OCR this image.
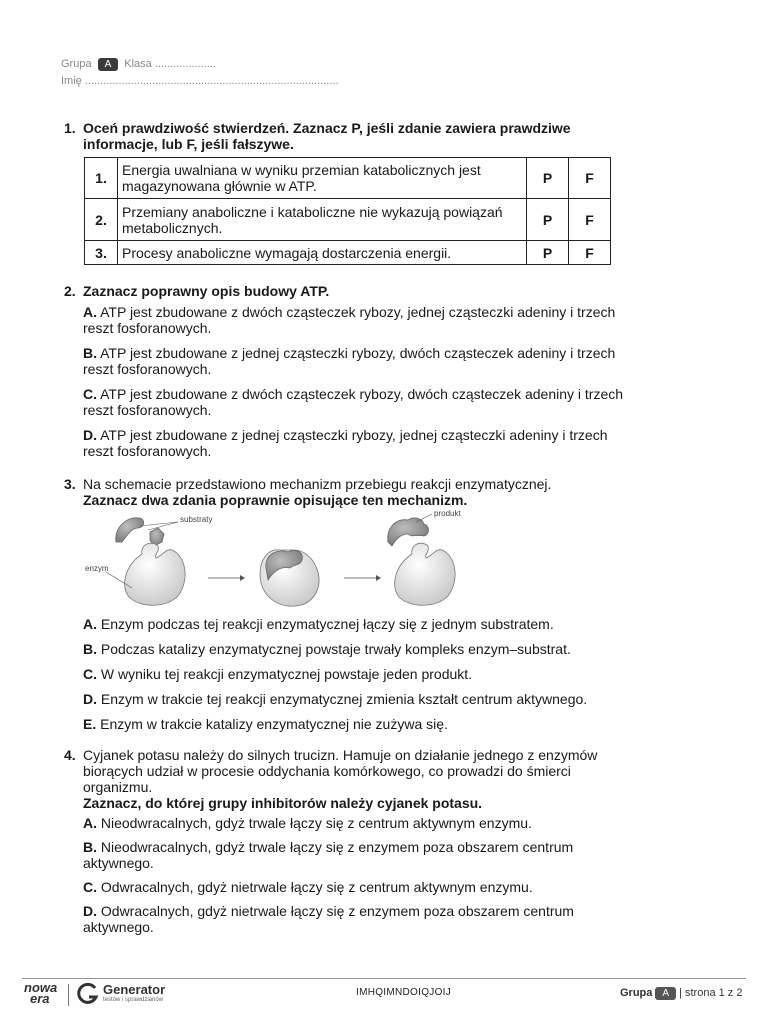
Grupa A Klasa ....................
Imię ...................................................................................
1. Oceń prawdziwość stwierdzeń. Zaznacz P, jeśli zdanie zawiera prawdziwe informacje, lub F, jeśli fałszywe.
1.	Energia uwalniana w wyniku przemian katabolicznych jest magazynowana głównie w ATP.	P	F
2.	Przemiany anaboliczne i kataboliczne nie wykazują powiązań metabolicznych.	P	F
3.	Procesy anaboliczne wymagają dostarczenia energii.	P	F
2. Zaznacz poprawny opis budowy ATP.
A. ATP jest zbudowane z dwóch cząsteczek rybozy, jednej cząsteczki adeniny i trzech reszt fosforanowych.
B. ATP jest zbudowane z jednej cząsteczki rybozy, dwóch cząsteczek adeniny i trzech reszt fosforanowych.
C. ATP jest zbudowane z dwóch cząsteczek rybozy, dwóch cząsteczek adeniny i trzech reszt fosforanowych.
D. ATP jest zbudowane z jednej cząsteczki rybozy, jednej cząsteczki adeniny i trzech reszt fosforanowych.
3. Na schemacie przedstawiono mechanizm przebiegu reakcji enzymatycznej.
Zaznacz dwa zdania poprawnie opisujące ten mechanizm.
substraty
enzym
produkt
A. Enzym podczas tej reakcji enzymatycznej łączy się z jednym substratem.
B. Podczas katalizy enzymatycznej powstaje trwały kompleks enzym–substrat.
C. W wyniku tej reakcji enzymatycznej powstaje jeden produkt.
D. Enzym w trakcie tej reakcji enzymatycznej zmienia kształt centrum aktywnego.
E. Enzym w trakcie katalizy enzymatycznej nie zużywa się.
4. Cyjanek potasu należy do silnych trucizn. Hamuje on działanie jednego z enzymów biorących udział w procesie oddychania komórkowego, co prowadzi do śmierci organizmu.
Zaznacz, do której grupy inhibitorów należy cyjanek potasu.
A. Nieodwracalnych, gdyż trwale łączy się z centrum aktywnym enzymu.
B. Nieodwracalnych, gdyż trwale łączy się z enzymem poza obszarem centrum aktywnego.
C. Odwracalnych, gdyż nietrwale łączy się z centrum aktywnym enzymu.
D. Odwracalnych, gdyż nietrwale łączy się z enzymem poza obszarem centrum aktywnego.
nowa
era
Generator
testów i sprawdzianów
IMHQIMNDOIQJOIJ	Grupa A | strona 1 z 2
